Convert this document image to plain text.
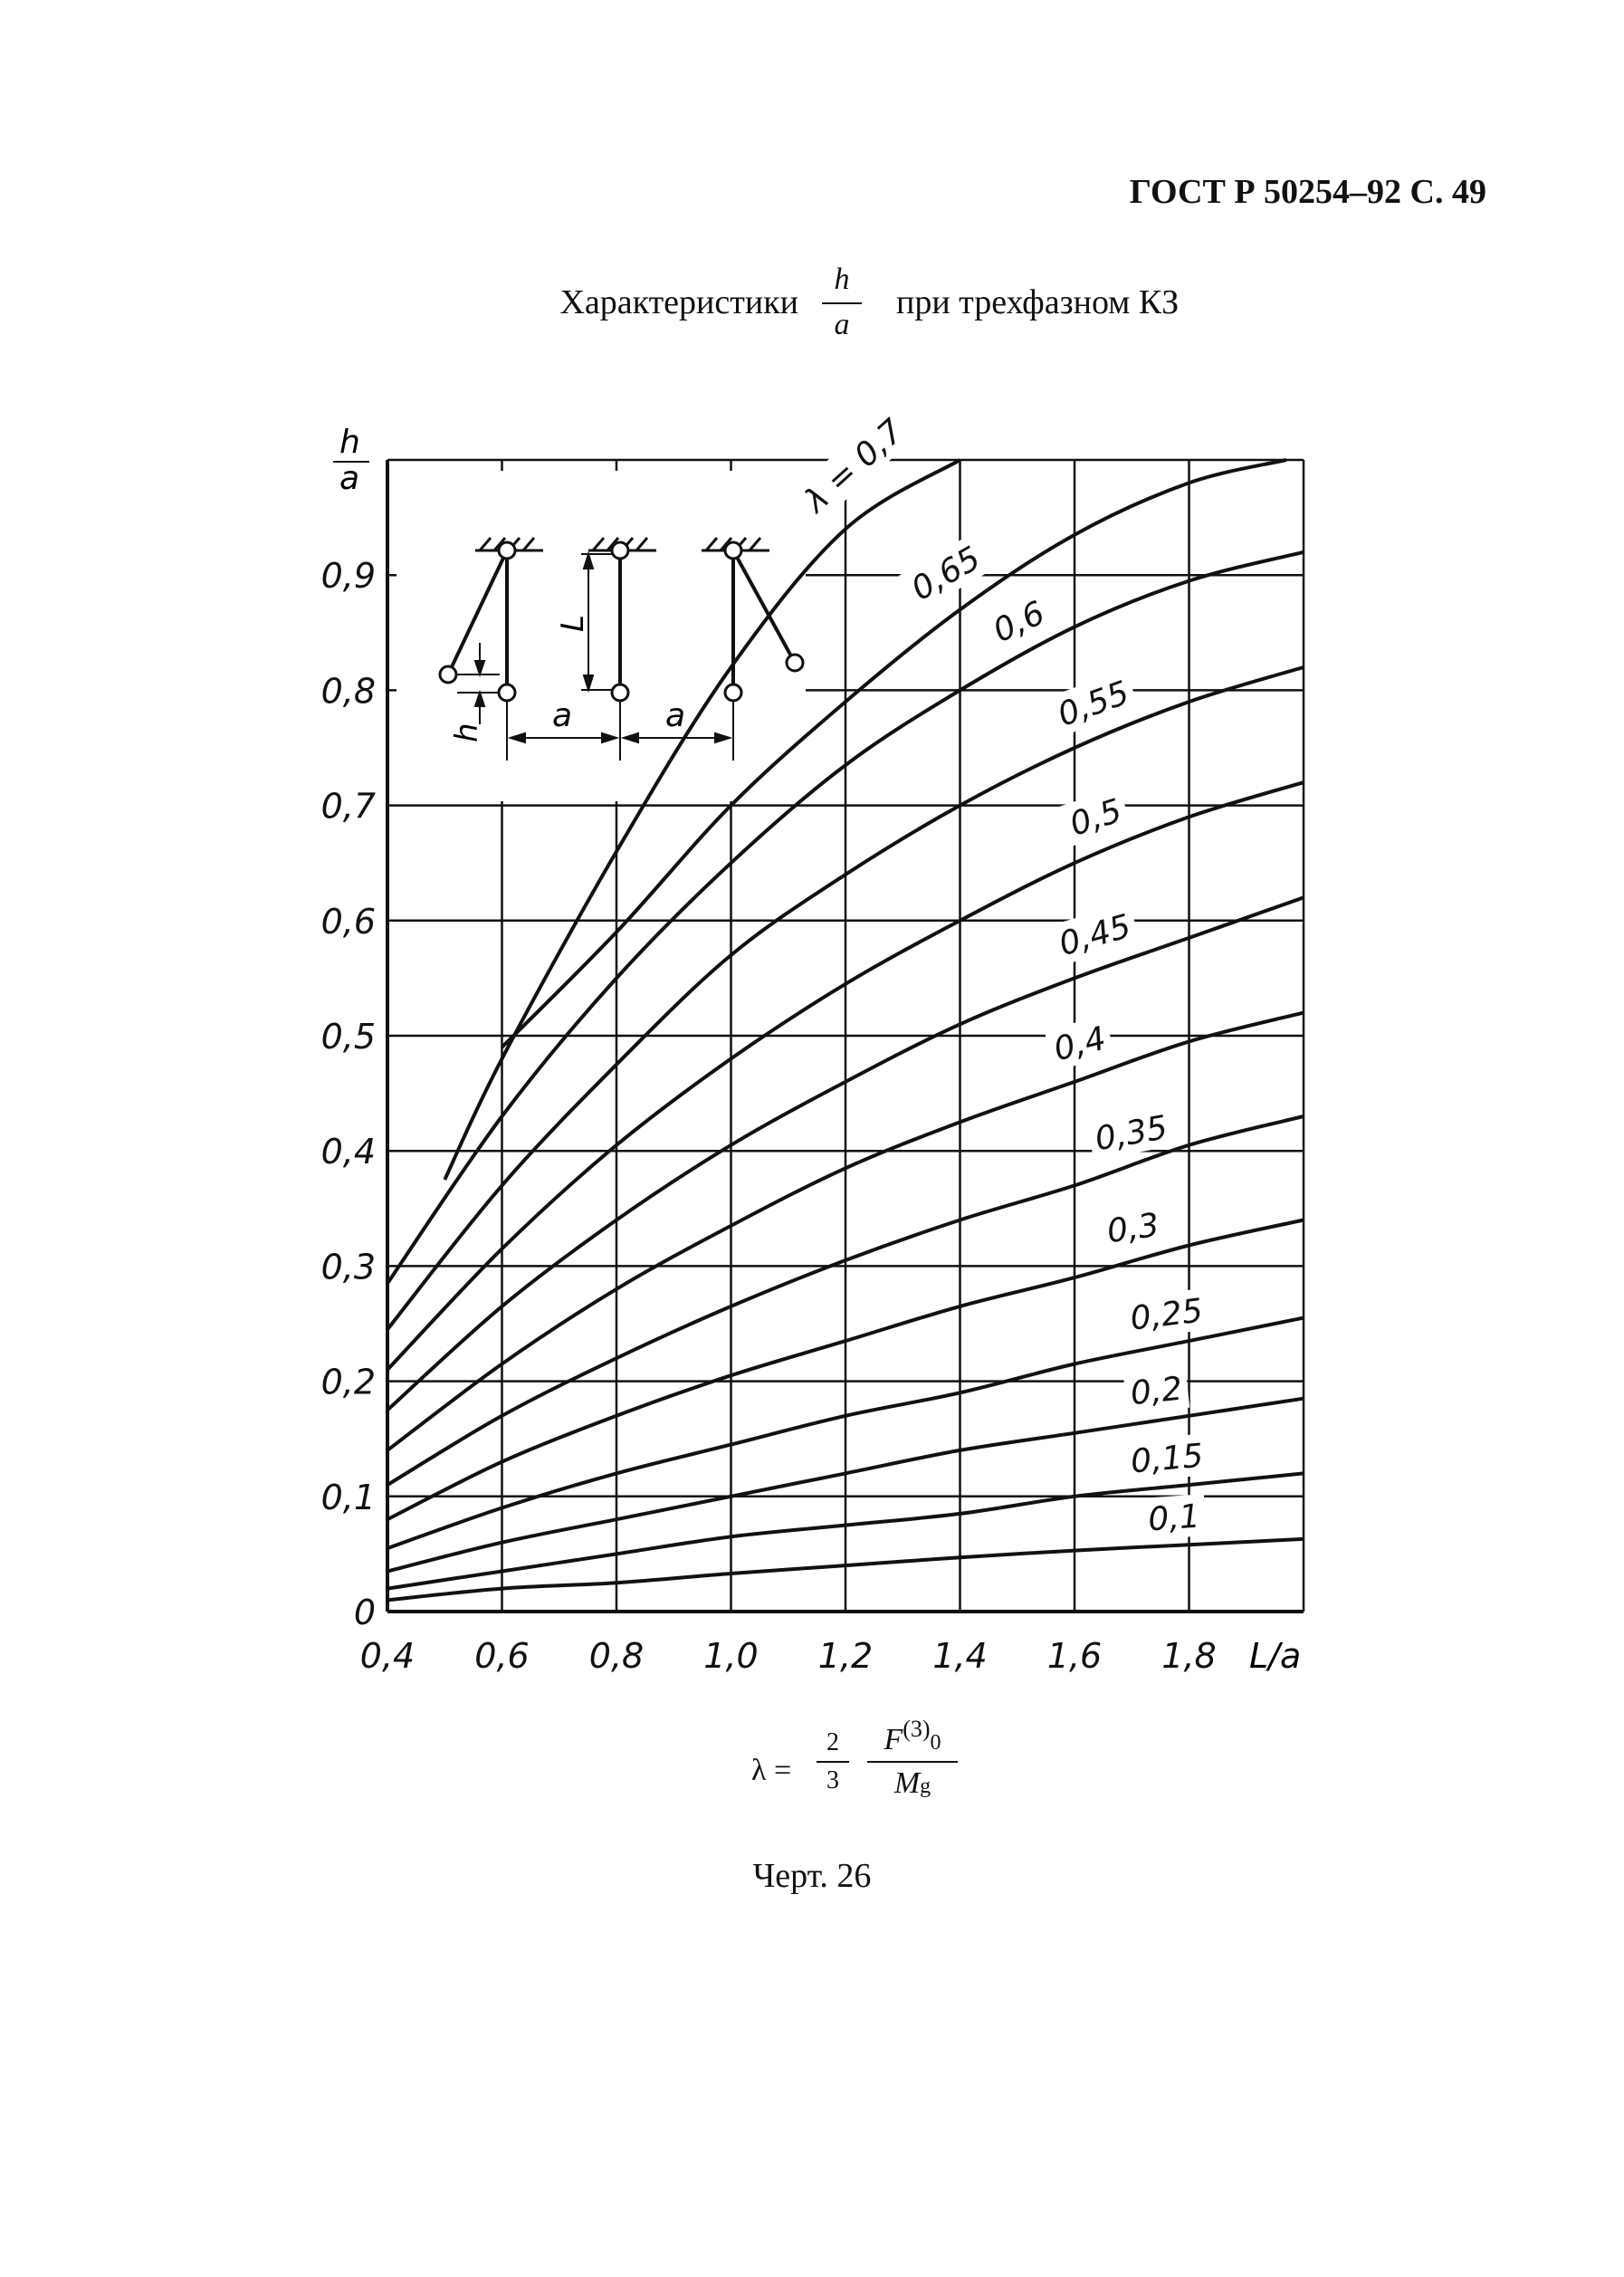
ГОСТ Р 50254–92 С. 49
Характеристики
h
a
при трехфазном КЗ
L
a	a
h
λ = 0,7
0,65
0,6
0,55
0,5
0,45
0,4
0,35
0,3
0,25
0,2
0,15
0,1
0,4 0,6 0,8 1,0 1,2 1,4 1,6 1,8
0
0,1
0,2
0,3
0,4
0,5
0,6
0,7
0,8
0,9
h
a
L/a
λ =
2
3
$F^{(3)}0$
Mg
Черт. 26
